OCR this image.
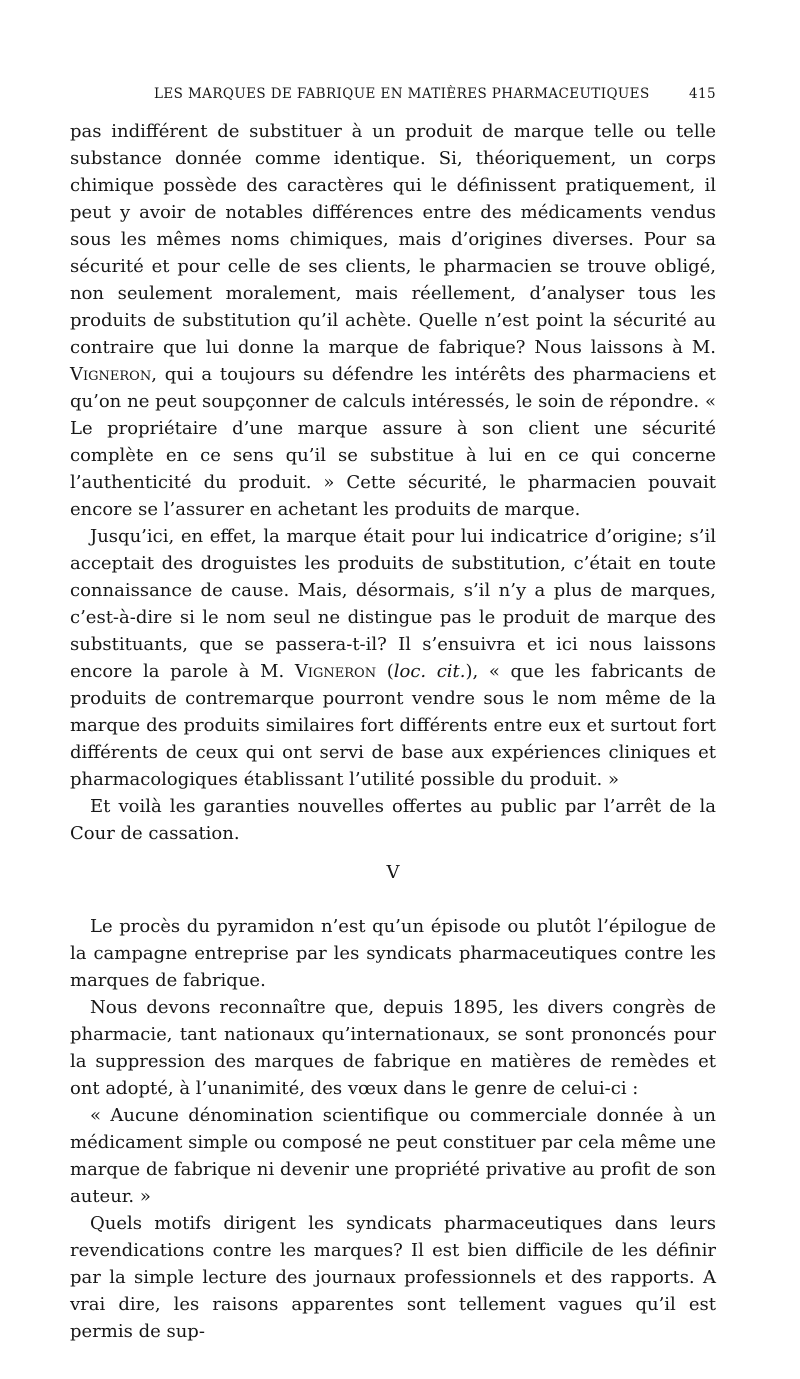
LES MARQUES DE FABRIQUE EN MATIÈRES PHARMACEUTIQUES	415

pas indifférent de substituer à un produit de marque telle ou telle substance donnée comme identique. Si, théoriquement, un corps chimique possède des caractères qui le définissent pratiquement, il peut y avoir de notables différences entre des médicaments vendus sous les mêmes noms chimiques, mais d’origines diverses. Pour sa sécurité et pour celle de ses clients, le pharmacien se trouve obligé, non seulement moralement, mais réellement, d’analyser tous les produits de substitution qu’il achète. Quelle n’est point la sécurité au contraire que lui donne la marque de fabrique? Nous laissons à M. Vigneron, qui a toujours su défendre les intérêts des pharmaciens et qu’on ne peut soupçonner de calculs intéressés, le soin de répondre. « Le propriétaire d’une marque assure à son client une sécurité complète en ce sens qu’il se substitue à lui en ce qui concerne l’authenticité du produit. » Cette sécurité, le pharmacien pouvait encore se l’assurer en achetant les produits de marque.

Jusqu’ici, en effet, la marque était pour lui indicatrice d’origine; s’il acceptait des droguistes les produits de substitution, c’était en toute connaissance de cause. Mais, désormais, s’il n’y a plus de marques, c’est-à-dire si le nom seul ne distingue pas le produit de marque des substituants, que se passera-t-il? Il s’ensuivra et ici nous laissons encore la parole à M. Vigneron (loc. cit.), « que les fabricants de produits de contremarque pourront vendre sous le nom même de la marque des produits similaires fort différents entre eux et surtout fort différents de ceux qui ont servi de base aux expériences cliniques et pharmacologiques établissant l’utilité possible du produit. »

Et voilà les garanties nouvelles offertes au public par l’arrêt de la Cour de cassation.

V

Le procès du pyramidon n’est qu’un épisode ou plutôt l’épilogue de la campagne entreprise par les syndicats pharmaceutiques contre les marques de fabrique.

Nous devons reconnaître que, depuis 1895, les divers congrès de pharmacie, tant nationaux qu’internationaux, se sont prononcés pour la suppression des marques de fabrique en matières de remèdes et ont adopté, à l’unanimité, des vœux dans le genre de celui-ci :

« Aucune dénomination scientifique ou commerciale donnée à un médicament simple ou composé ne peut constituer par cela même une marque de fabrique ni devenir une propriété privative au profit de son auteur. »

Quels motifs dirigent les syndicats pharmaceutiques dans leurs revendications contre les marques? Il est bien difficile de les définir par la simple lecture des journaux professionnels et des rapports. A vrai dire, les raisons apparentes sont tellement vagues qu’il est permis de sup-
